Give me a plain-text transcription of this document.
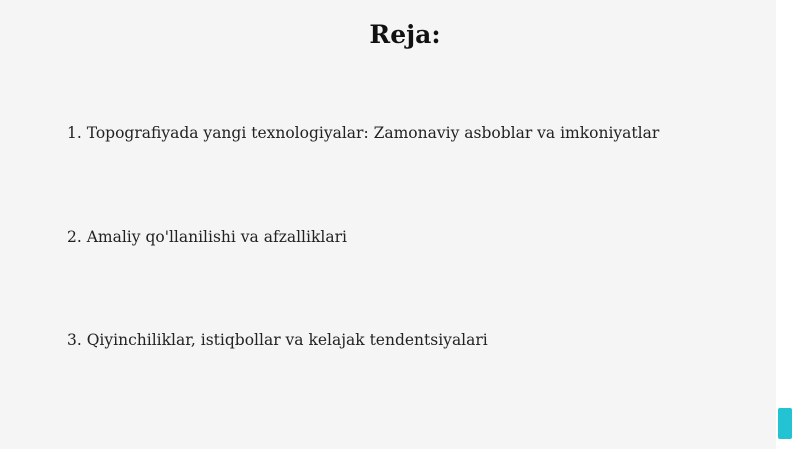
Reja:

1. Topografiyada yangi texnologiyalar: Zamonaviy asboblar va imkoniyatlar

2. Amaliy qo'llanilishi va afzalliklari

3. Qiyinchiliklar, istiqbollar va kelajak tendentsiyalari
